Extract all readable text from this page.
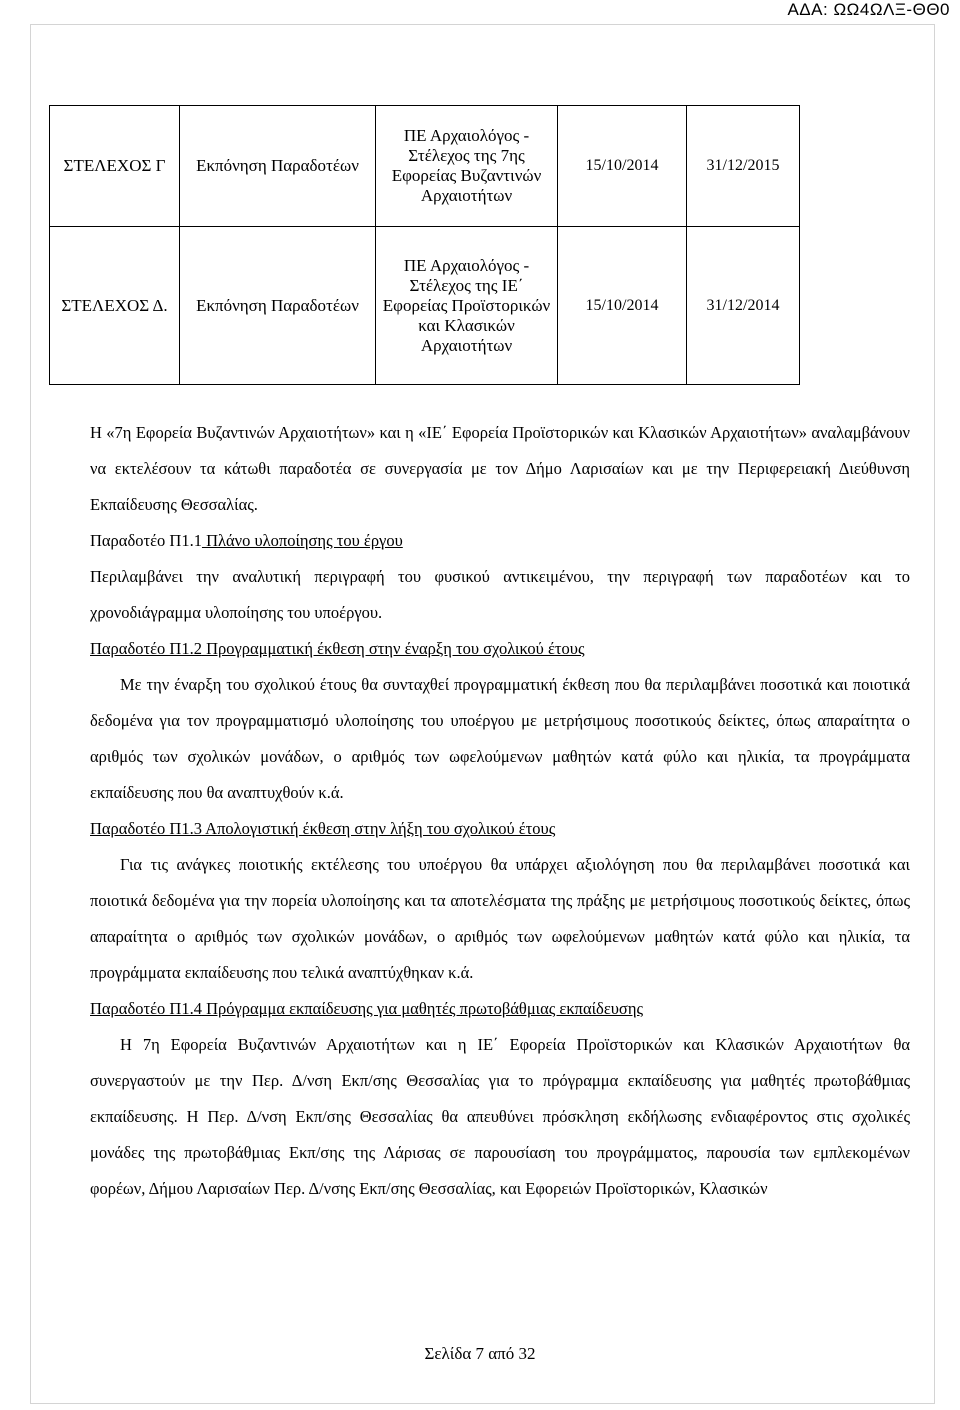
ΑΔΑ: ΩΩ4ΩΛΞ-ΘΘ0
ΣΤΕΛΕΧΟΣ Γ	Εκπόνηση Παραδοτέων	ΠΕ Αρχαιολόγος - Στέλεχος της 7ης Εφορείας Βυζαντινών Αρχαιοτήτων	15/10/2014	31/12/2015
ΣΤΕΛΕΧΟΣ Δ.	Εκπόνηση Παραδοτέων	ΠΕ Αρχαιολόγος - Στέλεχος της ΙΕ΄ Εφορείας Προϊστορικών και Κλασικών Αρχαιοτήτων	15/10/2014	31/12/2014

Η «7η Εφορεία Βυζαντινών Αρχαιοτήτων» και η «ΙΕ΄ Εφορεία Προϊστορικών και Κλασικών Αρχαιοτήτων» αναλαμβάνουν να εκτελέσουν τα κάτωθι παραδοτέα σε συνεργασία με τον Δήμο Λαρισαίων και με την Περιφερειακή Διεύθυνση Εκπαίδευσης Θεσσαλίας.

Παραδοτέο Π1.1 Πλάνο υλοποίησης του έργου

Περιλαμβάνει την αναλυτική περιγραφή του φυσικού αντικειμένου, την περιγραφή των παραδοτέων και το χρονοδιάγραμμα υλοποίησης του υποέργου.

Παραδοτέο Π1.2 Προγραμματική έκθεση στην έναρξη του σχολικού έτους

Με την έναρξη του σχολικού έτους θα συνταχθεί προγραμματική έκθεση που θα περιλαμβάνει ποσοτικά και ποιοτικά δεδομένα για τον προγραμματισμό υλοποίησης του υποέργου με μετρήσιμους ποσοτικούς δείκτες, όπως απαραίτητα ο αριθμός των σχολικών μονάδων, ο αριθμός των ωφελούμενων μαθητών κατά φύλο και ηλικία, τα προγράμματα εκπαίδευσης που θα αναπτυχθούν κ.ά.

Παραδοτέο Π1.3 Απολογιστική έκθεση στην λήξη του σχολικού έτους

Για τις ανάγκες ποιοτικής εκτέλεσης του υποέργου θα υπάρχει αξιολόγηση που θα περιλαμβάνει ποσοτικά και ποιοτικά δεδομένα για την πορεία υλοποίησης και τα αποτελέσματα της πράξης με μετρήσιμους ποσοτικούς δείκτες, όπως απαραίτητα ο αριθμός των σχολικών μονάδων, ο αριθμός των ωφελούμενων μαθητών κατά φύλο και ηλικία, τα προγράμματα εκπαίδευσης που τελικά αναπτύχθηκαν κ.ά.

Παραδοτέο Π1.4 Πρόγραμμα εκπαίδευσης για μαθητές πρωτοβάθμιας εκπαίδευσης

Η 7η Εφορεία Βυζαντινών Αρχαιοτήτων και η ΙΕ΄ Εφορεία Προϊστορικών και Κλασικών Αρχαιοτήτων θα συνεργαστούν με την Περ. Δ/νση Εκπ/σης Θεσσαλίας για το πρόγραμμα εκπαίδευσης για μαθητές πρωτοβάθμιας εκπαίδευσης. Η Περ. Δ/νση Εκπ/σης Θεσσαλίας θα απευθύνει πρόσκληση εκδήλωσης ενδιαφέροντος στις σχολικές μονάδες της πρωτοβάθμιας Εκπ/σης της Λάρισας σε παρουσίαση του προγράμματος, παρουσία των εμπλεκομένων φορέων, Δήμου Λαρισαίων Περ. Δ/νσης Εκπ/σης Θεσσαλίας, και Εφορειών Προϊστορικών, Κλασικών

Σελίδα 7 από 32
